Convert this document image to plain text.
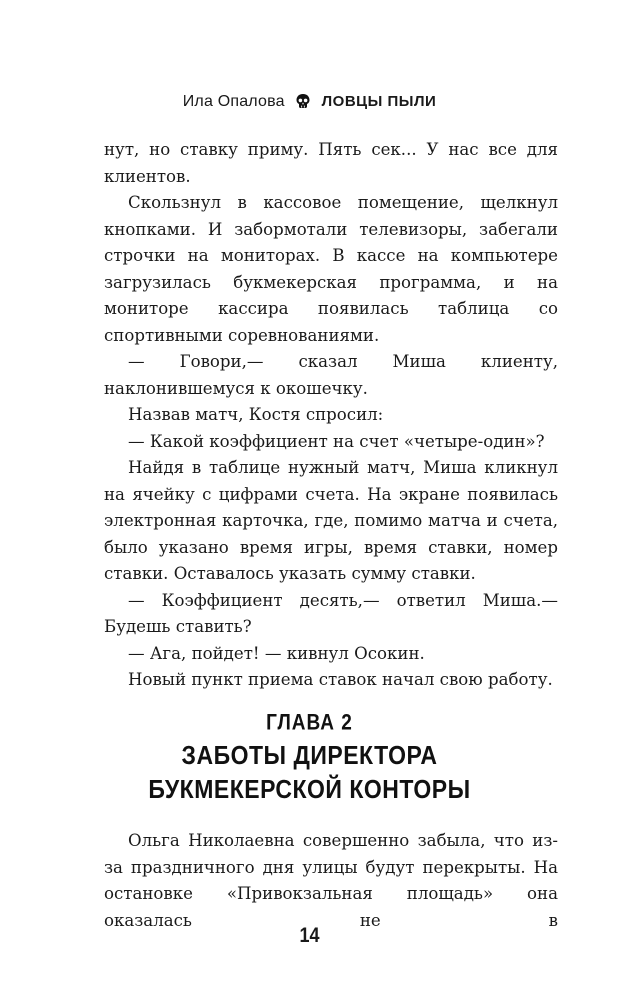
Ила Опалова ЛОВЦЫ ПЫЛИ

нут, но ставку приму. Пять сек... У нас все для клиентов.

Скользнул в кассовое помещение, щелкнул кнопками. И забормотали телевизоры, забегали строчки на мониторах. В кассе на компьютере загрузилась букмекерская программа, и на мониторе кассира появилась таблица со спортивными соревнованиями.

— Говори,— сказал Миша клиенту, наклонившемуся к окошечку.

Назвав матч, Костя спросил:

— Какой коэффициент на счет «четыре-один»?

Найдя в таблице нужный матч, Миша кликнул на ячейку с цифрами счета. На экране появилась электронная карточка, где, помимо матча и счета, было указано время игры, время ставки, номер ставки. Оставалось указать сумму ставки.

— Коэффициент десять,— ответил Миша.— Будешь ставить?

— Ага, пойдет! — кивнул Осокин.

Новый пункт приема ставок начал свою работу.

ГЛАВА 2
ЗАБОТЫ ДИРЕКТОРА
БУКМЕКЕРСКОЙ КОНТОРЫ

Ольга Николаевна совершенно забыла, что из-за праздничного дня улицы будут перекрыты. На остановке «Привокзальная площадь» она оказалась не в

14
